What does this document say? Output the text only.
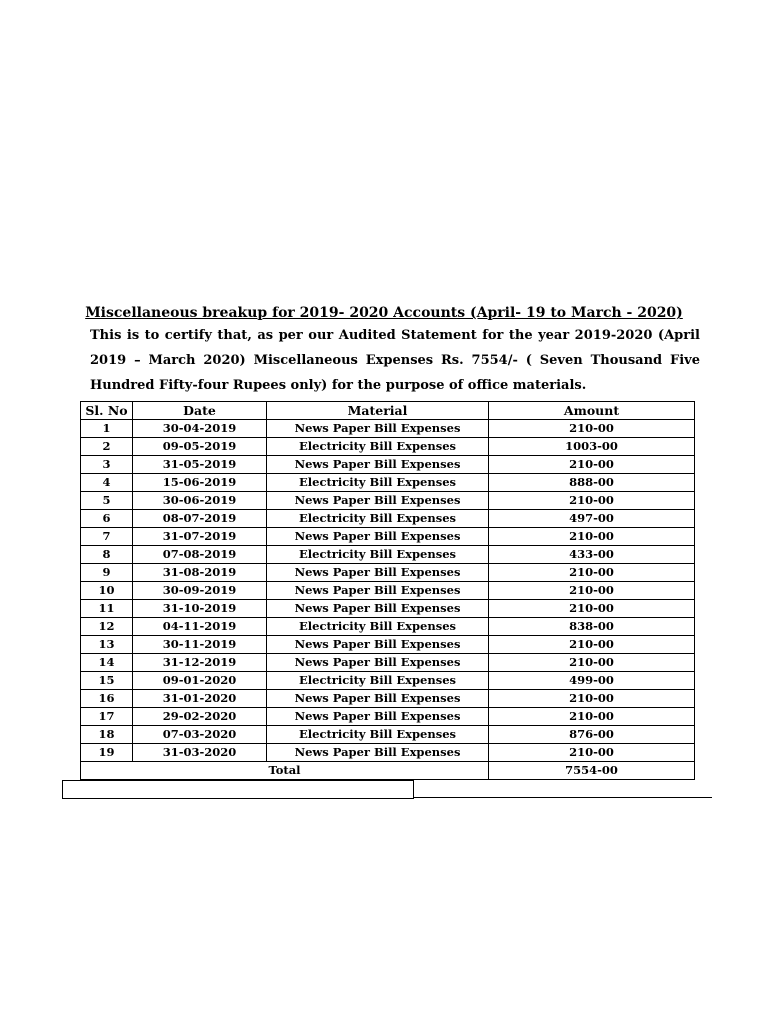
Miscellaneous breakup for 2019- 2020 Accounts (April- 19 to March - 2020)
This is to certify that, as per our Audited Statement for the year 2019-2020 (April 2019 – March 2020) Miscellaneous Expenses Rs. 7554/- ( Seven Thousand Five Hundred Fifty-four Rupees only) for the purpose of office materials.
Sl. No	Date	Material	Amount
1	30-04-2019	News Paper Bill Expenses	210-00
2	09-05-2019	Electricity Bill Expenses	1003-00
3	31-05-2019	News Paper Bill Expenses	210-00
4	15-06-2019	Electricity Bill Expenses	888-00
5	30-06-2019	News Paper Bill Expenses	210-00
6	08-07-2019	Electricity Bill Expenses	497-00
7	31-07-2019	News Paper Bill Expenses	210-00
8	07-08-2019	Electricity Bill Expenses	433-00
9	31-08-2019	News Paper Bill Expenses	210-00
10	30-09-2019	News Paper Bill Expenses	210-00
11	31-10-2019	News Paper Bill Expenses	210-00
12	04-11-2019	Electricity Bill Expenses	838-00
13	30-11-2019	News Paper Bill Expenses	210-00
14	31-12-2019	News Paper Bill Expenses	210-00
15	09-01-2020	Electricity Bill Expenses	499-00
16	31-01-2020	News Paper Bill Expenses	210-00
17	29-02-2020	News Paper Bill Expenses	210-00
18	07-03-2020	Electricity Bill Expenses	876-00
19	31-03-2020	News Paper Bill Expenses	210-00
Total			7554-00
